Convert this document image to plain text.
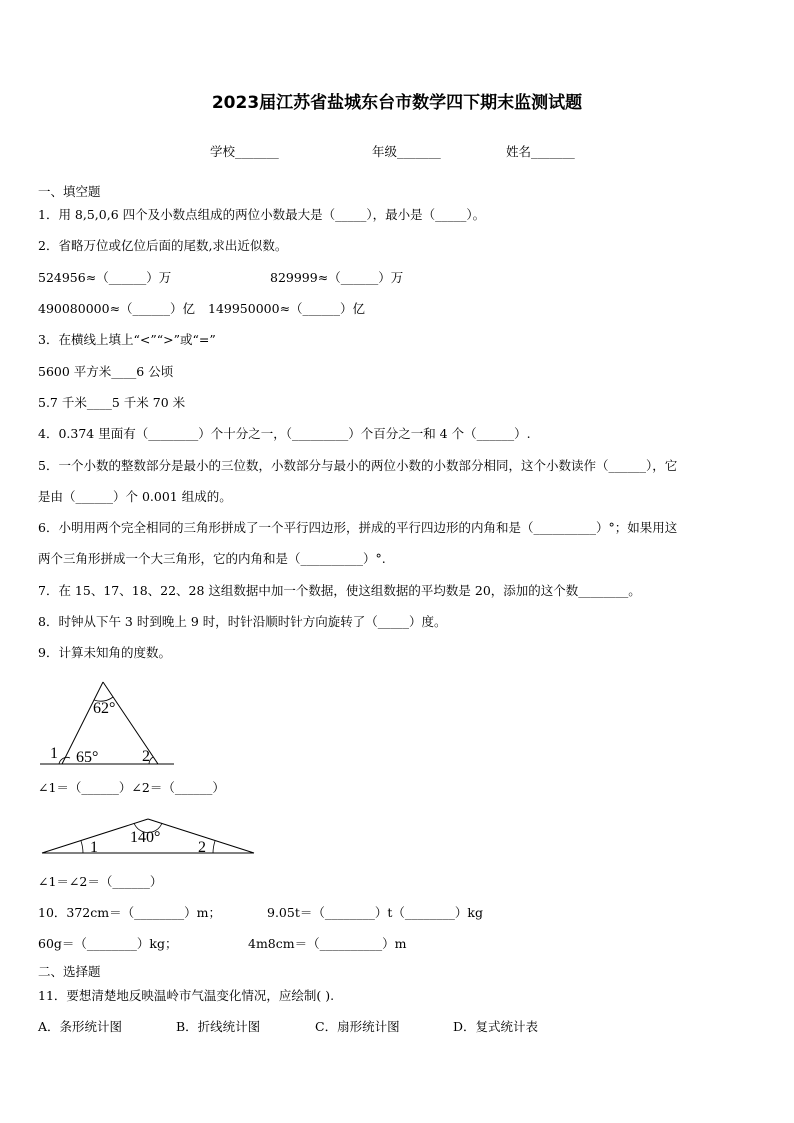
2023届江苏省盐城东台市数学四下期末监测试题
学校_______	年级_______	姓名_______
一、填空题
1．用 8,5,0,6 四个及小数点组成的两位小数最大是（_____），最小是（_____）。
2．省略万位或亿位后面的尾数,求出近似数。
524956≈（______）万	829999≈（______）万
490080000≈（______）亿 149950000≈（______）亿
3．在横线上填上“<”“>”或“=”
5600 平方米____6 公顷
5.7 千米____5 千米 70 米
4．0.374 里面有（________）个十分之一，（_________）个百分之一和 4 个（______）.
5．一个小数的整数部分是最小的三位数，小数部分与最小的两位小数的小数部分相同，这个小数读作（______），它
是由（______）个 0.001 组成的。
6．小明用两个完全相同的三角形拼成了一个平行四边形，拼成的平行四边形的内角和是（__________）°；如果用这
两个三角形拼成一个大三角形，它的内角和是（__________）°.
7．在 15、17、18、22、28 这组数据中加一个数据，使这组数据的平均数是 20，添加的这个数________。
8．时钟从下午 3 时到晚上 9 时，时针沿顺时针方向旋转了（_____）度。
9．计算未知角的度数。
62°
65°
1	2
∠1＝（______）∠2＝（______）
140°
1	2
∠1＝∠2＝（______）
10．372cm＝（________）m；	9.05t＝（________）t（________）kg
60g＝（________）kg；	4m8cm＝（__________）m
二、选择题
11．要想清楚地反映温岭市气温变化情况，应绘制( ).
A．条形统计图	B．折线统计图	C．扇形统计图	D．复式统计表
